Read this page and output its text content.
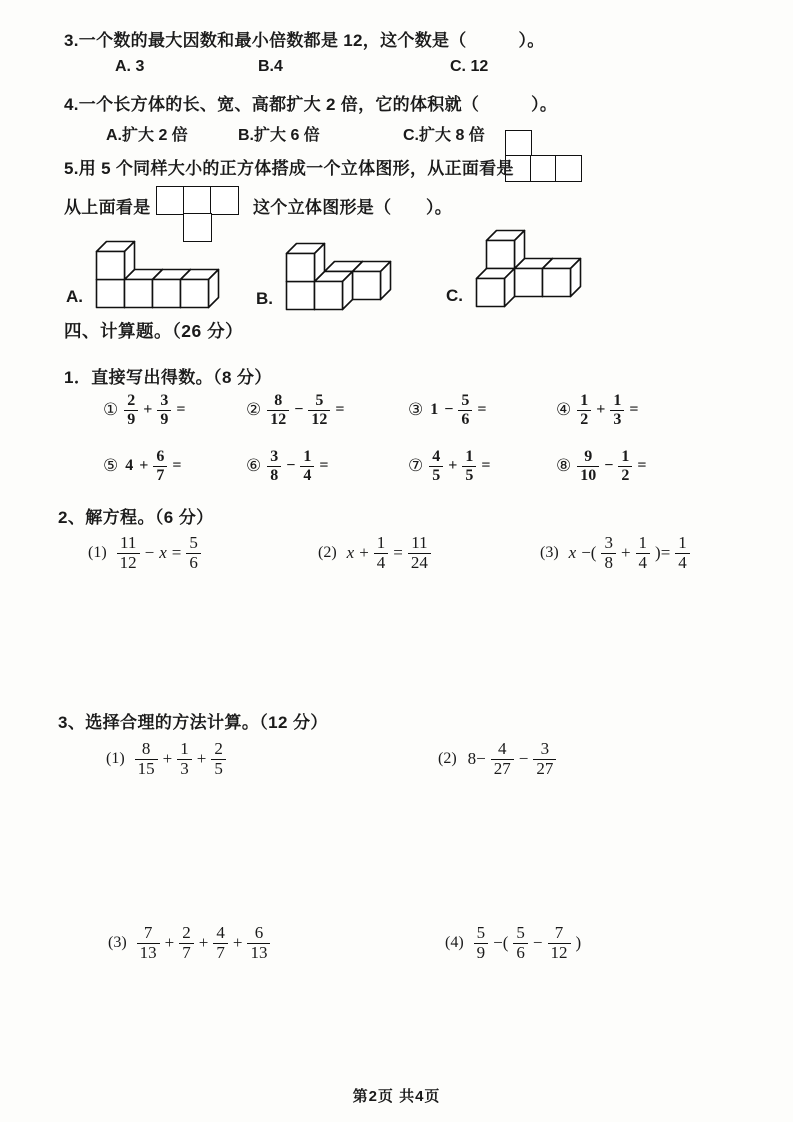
3.一个数的最大因数和最小倍数都是 12，这个数是（　　　）。
A. 3	B.4	C. 12
4.一个长方体的长、宽、高都扩大 2 倍，它的体积就（　　　）。
A.扩大 2 倍	B.扩大 6 倍	C.扩大 8 倍
5.用 5 个同样大小的正方体搭成一个立体图形，从正面看是
从上面看是	这个立体图形是（　　）。
A.	B.	C.
四、计算题。（26 分）
1．直接写出得数。（8 分）
① $\frac{2}{9} + \frac{3}{9}$ =	② $\frac{8}{12} - \frac{5}{12}$ =	③ $1 - \frac{5}{6}$ =	④ $\frac{1}{2} + \frac{1}{3}$ =
⑤ $4 + \frac{6}{7}$ =	⑥ $\frac{3}{8} - \frac{1}{4}$ =	⑦ $\frac{4}{5} + \frac{1}{5}$ =	⑧ $\frac{9}{10} - \frac{1}{2}$ =
2、解方程。（6 分）
$(1) \frac{11}{12} - x = \frac{5}{6}$	(2) $x + \frac{1}{4} = \frac{11}{24}$	(3) x −( $\frac{3}{8} + \frac{1}{4}$ )= $\frac{1}{4}$
3、选择合理的方法计算。（12 分）
$(1) \frac{8}{15} + \frac{1}{3} + \frac{2}{5}$	(2) $8- \frac{4}{27} - \frac{3}{27}$
$(3) \frac{7}{13} + \frac{2}{7} + \frac{4}{7} + \frac{6}{13}$	$(4) \frac{5}{9}$ −( $\frac{5}{6} - \frac{7}{12}$ )
第2页 共4页
